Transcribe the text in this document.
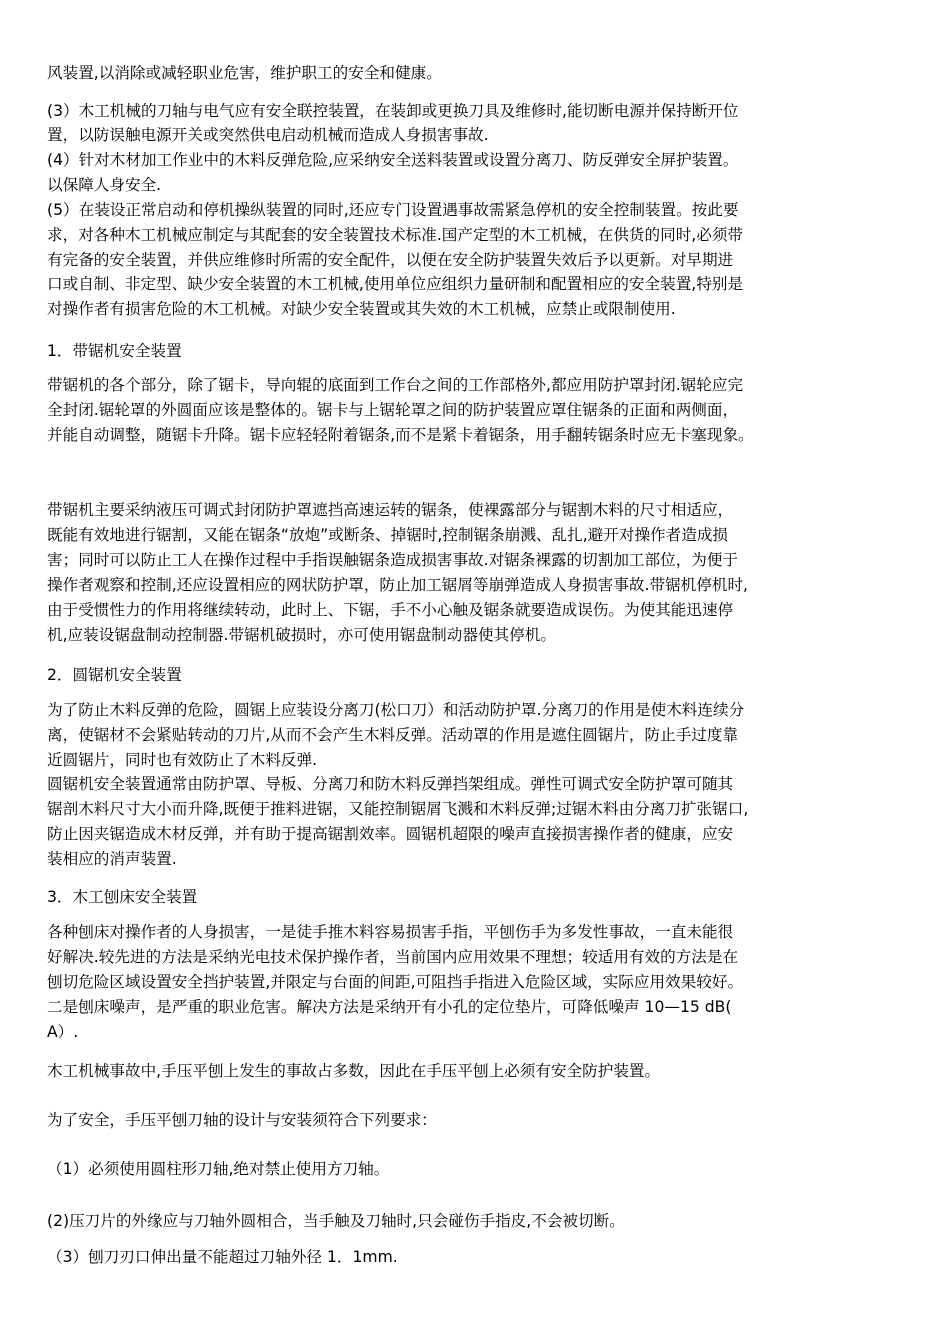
风装置,以消除或减轻职业危害，维护职工的安全和健康。
(3）木工机械的刀轴与电气应有安全联控装置，在装卸或更换刀具及维修时,能切断电源并保持断开位
置，以防误触电源开关或突然供电启动机械而造成人身损害事故.
(4）针对木材加工作业中的木料反弹危险,应采纳安全送料装置或设置分离刀、防反弹安全屏护装置。
以保障人身安全.
(5）在装设正常启动和停机操纵装置的同时,还应专门设置遇事故需紧急停机的安全控制装置。按此要
求，对各种木工机械应制定与其配套的安全装置技术标准.国产定型的木工机械，在供货的同时,必须带
有完备的安全装置，并供应维修时所需的安全配件，以便在安全防护装置失效后予以更新。对早期进
口或自制、非定型、缺少安全装置的木工机械,使用单位应组织力量研制和配置相应的安全装置,特别是
对操作者有损害危险的木工机械。对缺少安全装置或其失效的木工机械，应禁止或限制使用.
1．带锯机安全装置
带锯机的各个部分，除了锯卡，导向辊的底面到工作台之间的工作部格外,都应用防护罩封闭.锯轮应完
全封闭.锯轮罩的外圆面应该是整体的。锯卡与上锯轮罩之间的防护装置应罩住锯条的正面和两侧面，
并能自动调整，随锯卡升降。锯卡应轻轻附着锯条,而不是紧卡着锯条，用手翻转锯条时应无卡塞现象。
带锯机主要采纳液压可调式封闭防护罩遮挡高速运转的锯条，使裸露部分与锯割木料的尺寸相适应，
既能有效地进行锯割，又能在锯条“放炮”或断条、掉锯时,控制锯条崩溅、乱扎,避开对操作者造成损
害；同时可以防止工人在操作过程中手指误触锯条造成损害事故.对锯条裸露的切割加工部位，为便于
操作者观察和控制,还应设置相应的网状防护罩，防止加工锯屑等崩弹造成人身损害事故.带锯机停机时,
由于受惯性力的作用将继续转动，此时上、下锯，手不小心触及锯条就要造成误伤。为使其能迅速停
机,应装设锯盘制动控制器.带锯机破损时，亦可使用锯盘制动器使其停机。
2．圆锯机安全装置
为了防止木料反弹的危险，圆锯上应装设分离刀(松口刀）和活动防护罩.分离刀的作用是使木料连续分
离，使锯材不会紧贴转动的刀片,从而不会产生木料反弹。活动罩的作用是遮住圆锯片，防止手过度靠
近圆锯片，同时也有效防止了木料反弹.
圆锯机安全装置通常由防护罩、导板、分离刀和防木料反弹挡架组成。弹性可调式安全防护罩可随其
锯剖木料尺寸大小而升降,既便于推料进锯，又能控制锯屑飞溅和木料反弹;过锯木料由分离刀扩张锯口,
防止因夹锯造成木材反弹，并有助于提高锯割效率。圆锯机超限的噪声直接损害操作者的健康，应安
装相应的消声装置.
3．木工刨床安全装置
各种刨床对操作者的人身损害，一是徒手推木料容易损害手指，平刨伤手为多发性事故，一直未能很
好解决.较先进的方法是采纳光电技术保护操作者，当前国内应用效果不理想；较适用有效的方法是在
刨切危险区域设置安全挡护装置,并限定与台面的间距,可阻挡手指进入危险区域，实际应用效果较好。
二是刨床噪声，是严重的职业危害。解决方法是采纳开有小孔的定位垫片，可降低噪声 10—15 dB(
A）.
木工机械事故中,手压平刨上发生的事故占多数，因此在手压平刨上必须有安全防护装置。
为了安全，手压平刨刀轴的设计与安装须符合下列要求：
（1）必须使用圆柱形刀轴,绝对禁止使用方刀轴。
(2)压刀片的外缘应与刀轴外圆相合，当手触及刀轴时,只会碰伤手指皮,不会被切断。
（3）刨刀刃口伸出量不能超过刀轴外径 1．1mm.
